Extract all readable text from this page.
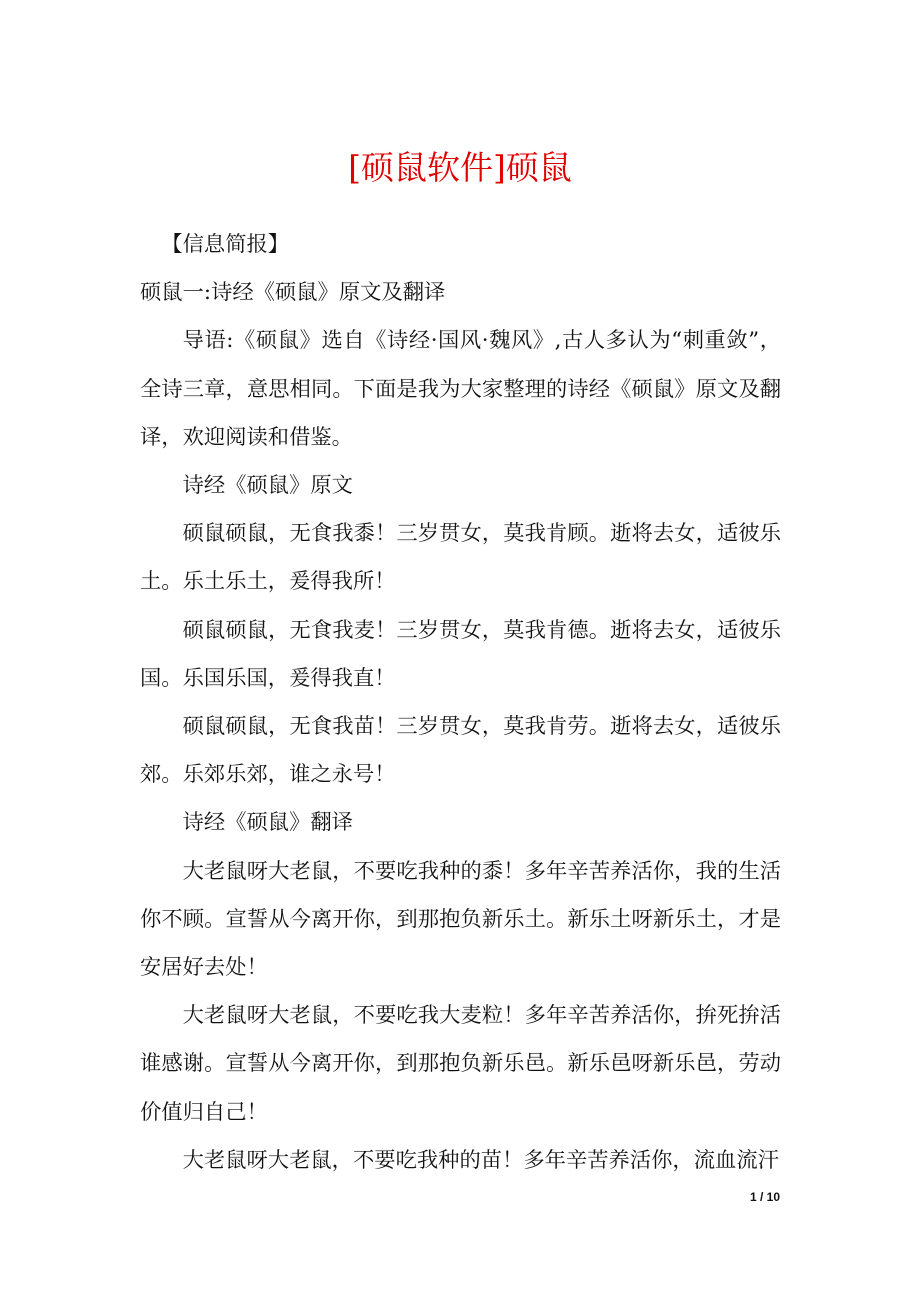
[硕鼠软件]硕鼠

【信息简报】

硕鼠一:诗经《硕鼠》原文及翻译

导语:《硕鼠》选自《诗经·国风·魏风》,古人多认为“刺重敛”，全诗三章，意思相同。下面是我为大家整理的诗经《硕鼠》原文及翻译，欢迎阅读和借鉴。

诗经《硕鼠》原文

硕鼠硕鼠，无食我黍！三岁贯女，莫我肯顾。逝将去女，适彼乐土。乐土乐土，爰得我所！

硕鼠硕鼠，无食我麦！三岁贯女，莫我肯德。逝将去女，适彼乐国。乐国乐国，爰得我直！

硕鼠硕鼠，无食我苗！三岁贯女，莫我肯劳。逝将去女，适彼乐郊。乐郊乐郊，谁之永号！

诗经《硕鼠》翻译

大老鼠呀大老鼠，不要吃我种的黍！多年辛苦养活你，我的生活你不顾。宣誓从今离开你，到那抱负新乐土。新乐土呀新乐土，才是安居好去处！

大老鼠呀大老鼠，不要吃我大麦粒！多年辛苦养活你，拚死拚活谁感谢。宣誓从今离开你，到那抱负新乐邑。新乐邑呀新乐邑，劳动价值归自己！

大老鼠呀大老鼠，不要吃我种的苗！多年辛苦养活你，流血流汗

1 / 10
